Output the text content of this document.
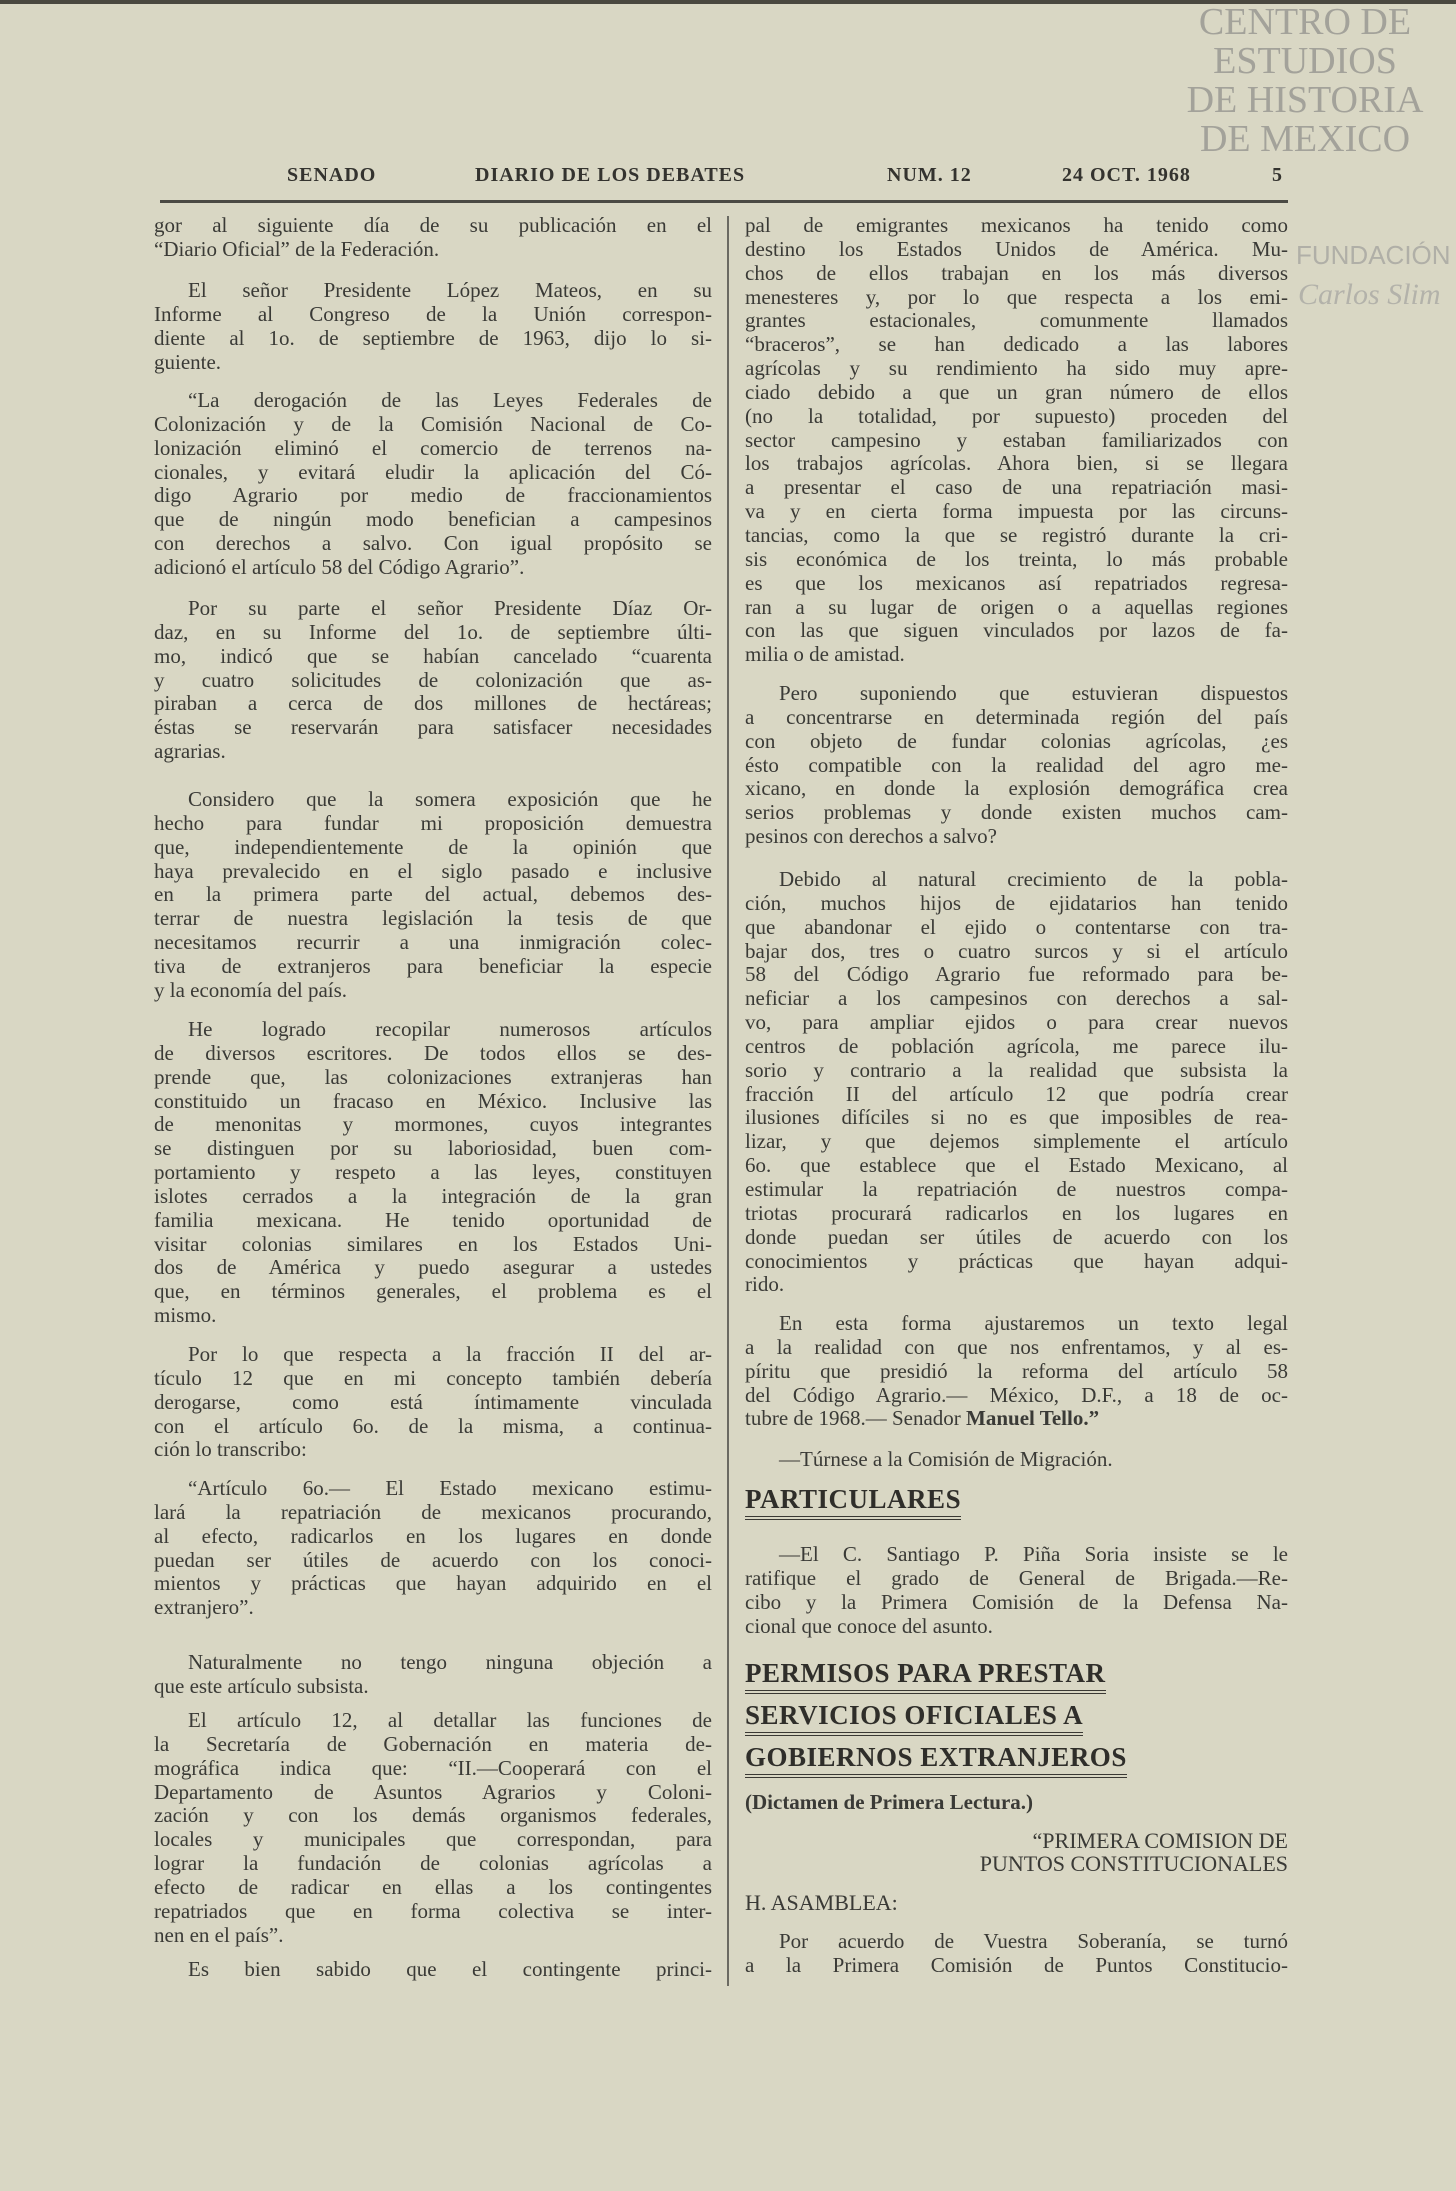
SENADO	DIARIO DE LOS DEBATES	NUM. 12	24 OCT. 1968	5
CENTRO DE
ESTUDIOS
DE HISTORIA
DE MEXICO
FUNDACIÓN
Carlos Slim
gor al siguiente día de su publicación en el
“Diario Oficial” de la Federación.
El señor Presidente López Mateos, en su
Informe al Congreso de la Unión correspon-
diente al 1o. de septiembre de 1963, dijo lo si-
guiente.
“La derogación de las Leyes Federales de
Colonización y de la Comisión Nacional de Co-
lonización eliminó el comercio de terrenos na-
cionales, y evitará eludir la aplicación del Có-
digo Agrario por medio de fraccionamientos
que de ningún modo benefician a campesinos
con derechos a salvo. Con igual propósito se
adicionó el artículo 58 del Código Agrario”.
Por su parte el señor Presidente Díaz Or-
daz, en su Informe del 1o. de septiembre últi-
mo, indicó que se habían cancelado “cuarenta
y cuatro solicitudes de colonización que as-
piraban a cerca de dos millones de hectáreas;
éstas se reservarán para satisfacer necesidades
agrarias.
Considero que la somera exposición que he
hecho para fundar mi proposición demuestra
que, independientemente de la opinión que
haya prevalecido en el siglo pasado e inclusive
en la primera parte del actual, debemos des-
terrar de nuestra legislación la tesis de que
necesitamos recurrir a una inmigración colec-
tiva de extranjeros para beneficiar la especie
y la economía del país.
He logrado recopilar numerosos artículos
de diversos escritores. De todos ellos se des-
prende que, las colonizaciones extranjeras han
constituido un fracaso en México. Inclusive las
de menonitas y mormones, cuyos integrantes
se distinguen por su laboriosidad, buen com-
portamiento y respeto a las leyes, constituyen
islotes cerrados a la integración de la gran
familia mexicana. He tenido oportunidad de
visitar colonias similares en los Estados Uni-
dos de América y puedo asegurar a ustedes
que, en términos generales, el problema es el
mismo.
Por lo que respecta a la fracción II del ar-
tículo 12 que en mi concepto también debería
derogarse, como está íntimamente vinculada
con el artículo 6o. de la misma, a continua-
ción lo transcribo:
“Artículo 6o.— El Estado mexicano estimu-
lará la repatriación de mexicanos procurando,
al efecto, radicarlos en los lugares en donde
puedan ser útiles de acuerdo con los conoci-
mientos y prácticas que hayan adquirido en el
extranjero”.
Naturalmente no tengo ninguna objeción a
que este artículo subsista.
El artículo 12, al detallar las funciones de
la Secretaría de Gobernación en materia de-
mográfica indica que: “II.—Cooperará con el
Departamento de Asuntos Agrarios y Coloni-
zación y con los demás organismos federales,
locales y municipales que correspondan, para
lograr la fundación de colonias agrícolas a
efecto de radicar en ellas a los contingentes
repatriados que en forma colectiva se inter-
nen en el país”.
Es bien sabido que el contingente princi-
pal de emigrantes mexicanos ha tenido como
destino los Estados Unidos de América. Mu-
chos de ellos trabajan en los más diversos
menesteres y, por lo que respecta a los emi-
grantes estacionales, comunmente llamados
“braceros”, se han dedicado a las labores
agrícolas y su rendimiento ha sido muy apre-
ciado debido a que un gran número de ellos
(no la totalidad, por supuesto) proceden del
sector campesino y estaban familiarizados con
los trabajos agrícolas. Ahora bien, si se llegara
a presentar el caso de una repatriación masi-
va y en cierta forma impuesta por las circuns-
tancias, como la que se registró durante la cri-
sis económica de los treinta, lo más probable
es que los mexicanos así repatriados regresa-
ran a su lugar de origen o a aquellas regiones
con las que siguen vinculados por lazos de fa-
milia o de amistad.
Pero suponiendo que estuvieran dispuestos
a concentrarse en determinada región del país
con objeto de fundar colonias agrícolas, ¿es
ésto compatible con la realidad del agro me-
xicano, en donde la explosión demográfica crea
serios problemas y donde existen muchos cam-
pesinos con derechos a salvo?
Debido al natural crecimiento de la pobla-
ción, muchos hijos de ejidatarios han tenido
que abandonar el ejido o contentarse con tra-
bajar dos, tres o cuatro surcos y si el artículo
58 del Código Agrario fue reformado para be-
neficiar a los campesinos con derechos a sal-
vo, para ampliar ejidos o para crear nuevos
centros de población agrícola, me parece ilu-
sorio y contrario a la realidad que subsista la
fracción II del artículo 12 que podría crear
ilusiones difíciles si no es que imposibles de rea-
lizar, y que dejemos simplemente el artículo
6o. que establece que el Estado Mexicano, al
estimular la repatriación de nuestros compa-
triotas procurará radicarlos en los lugares en
donde puedan ser útiles de acuerdo con los
conocimientos y prácticas que hayan adqui-
rido.
En esta forma ajustaremos un texto legal
a la realidad con que nos enfrentamos, y al es-
píritu que presidió la reforma del artículo 58
del Código Agrario.— México, D.F., a 18 de oc-
tubre de 1968.— Senador Manuel Tello.”
—Túrnese a la Comisión de Migración.
PARTICULARES
—El C. Santiago P. Piña Soria insiste se le
ratifique el grado de General de Brigada.—Re-
cibo y la Primera Comisión de la Defensa Na-
cional que conoce del asunto.
PERMISOS PARA PRESTAR
SERVICIOS OFICIALES A
GOBIERNOS EXTRANJEROS
(Dictamen de Primera Lectura.)
“PRIMERA COMISION DE
PUNTOS CONSTITUCIONALES
H. ASAMBLEA:
Por acuerdo de Vuestra Soberanía, se turnó
a la Primera Comisión de Puntos Constitucio-
